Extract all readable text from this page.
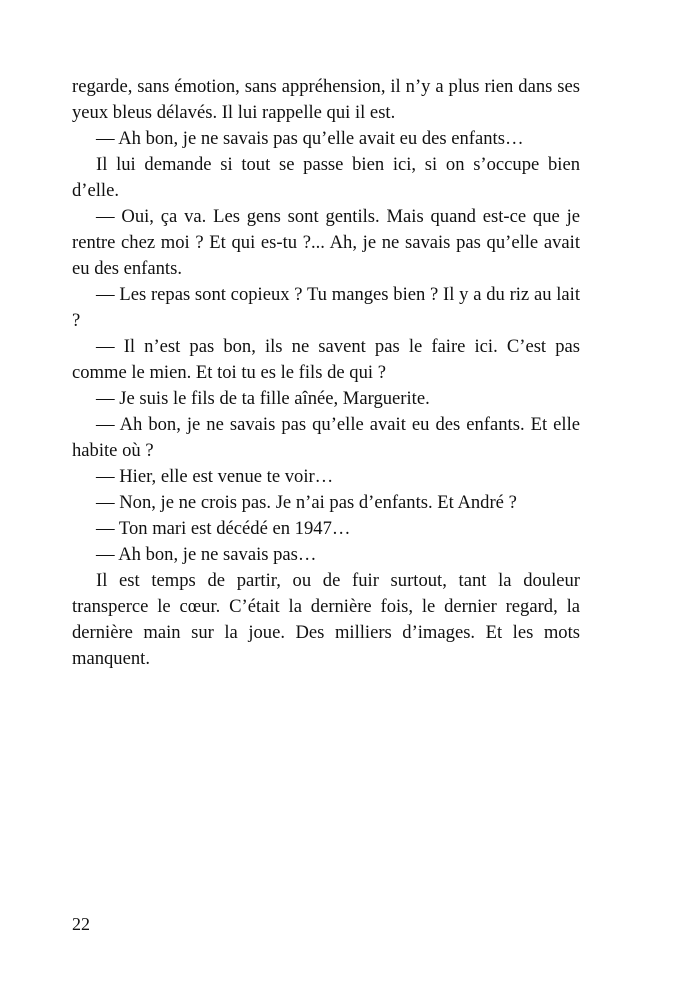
regarde, sans émotion, sans appréhension, il n’y a plus rien dans ses yeux bleus délavés. Il lui rappelle qui il est.

— Ah bon, je ne savais pas qu’elle avait eu des enfants…

Il lui demande si tout se passe bien ici, si on s’occupe bien d’elle.

— Oui, ça va. Les gens sont gentils. Mais quand est-ce que je rentre chez moi ? Et qui es-tu ?... Ah, je ne savais pas qu’elle avait eu des enfants.

— Les repas sont copieux ? Tu manges bien ? Il y a du riz au lait ?

— Il n’est pas bon, ils ne savent pas le faire ici. C’est pas comme le mien. Et toi tu es le fils de qui ?

— Je suis le fils de ta fille aînée, Marguerite.

— Ah bon, je ne savais pas qu’elle avait eu des enfants. Et elle habite où ?

— Hier, elle est venue te voir…

— Non, je ne crois pas. Je n’ai pas d’enfants. Et André ?

— Ton mari est décédé en 1947…

— Ah bon, je ne savais pas…

Il est temps de partir, ou de fuir surtout, tant la douleur transperce le cœur. C’était la dernière fois, le dernier regard, la dernière main sur la joue. Des milliers d’images. Et les mots manquent.

22
